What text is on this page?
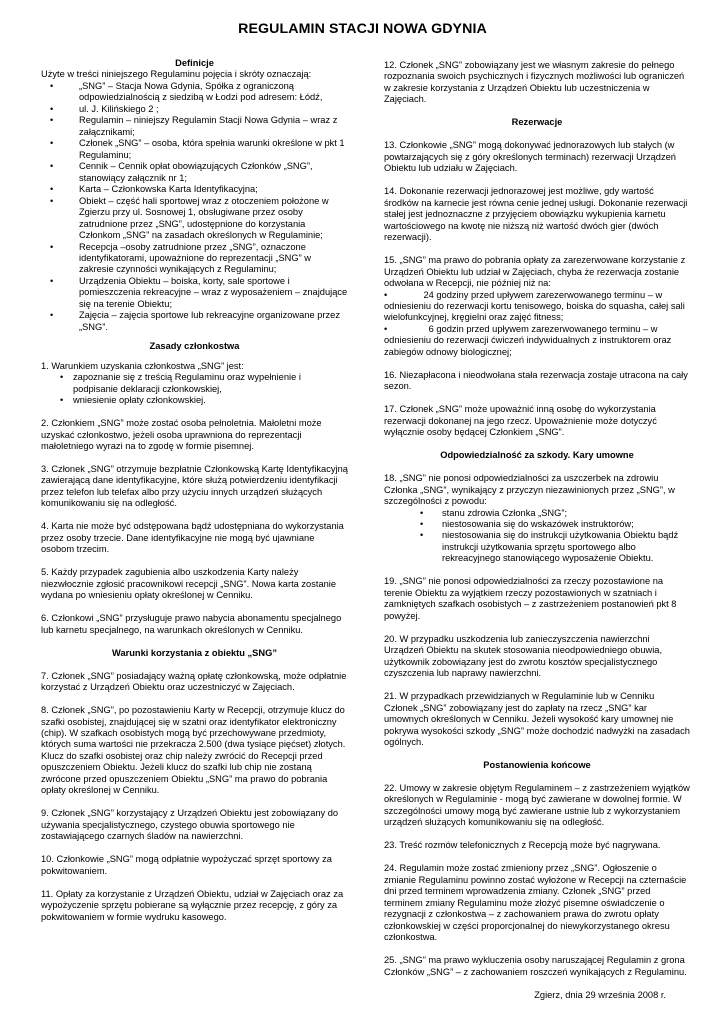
REGULAMIN STACJI NOWA GDYNIA

Definicje

Użyte w treści niniejszego Regulaminu pojęcia i skróty oznaczają:

• „SNG” – Stacja Nowa Gdynia, Spółka z ograniczoną odpowiedzialnością z siedzibą w Łodzi pod adresem: Łódź,
• ul. J. Kilińskiego 2 ;
• Regulamin – niniejszy Regulamin Stacji Nowa Gdynia – wraz z załącznikami;
• Członek „SNG” – osoba, która spełnia warunki określone w pkt 1 Regulaminu;
• Cennik – Cennik opłat obowiązujących Członków „SNG”, stanowiący załącznik nr 1;
• Karta – Członkowska Karta Identyfikacyjna;
• Obiekt – część hali sportowej wraz z otoczeniem położone w Zgierzu przy ul. Sosnowej 1, obsługiwane przez osoby zatrudnione przez „SNG”, udostępnione do korzystania Członkom „SNG” na zasadach określonych w Regulaminie;
• Recepcja –osoby zatrudnione przez „SNG”, oznaczone identyfikatorami, upoważnione do reprezentacji „SNG” w zakresie czynności wynikających z Regulaminu;
• Urządzenia Obiektu – boiska, korty, sale sportowe i pomieszczenia rekreacyjne – wraz z wyposażeniem – znajdujące się na terenie Obiektu;
• Zajęcia – zajęcia sportowe lub rekreacyjne organizowane przez „SNG”.

Zasady członkostwa

1. Warunkiem uzyskania członkostwa „SNG” jest:

• zapoznanie się z treścią Regulaminu oraz wypełnienie i podpisanie deklaracji członkowskiej,
• wniesienie opłaty członkowskiej.

2. Członkiem „SNG” może zostać osoba pełnoletnia. Małoletni może uzyskać członkostwo, jeżeli osoba uprawniona do reprezentacji małoletniego wyrazi na to zgodę w formie pisemnej.

3. Członek „SNG” otrzymuje bezpłatnie Członkowską Kartę Identyfikacyjną zawierającą dane identyfikacyjne, które służą potwierdzeniu identyfikacji przez telefon lub telefax albo przy użyciu innych urządzeń służących komunikowaniu się na odległość.

4. Karta nie może być odstępowana bądź udostępniana do wykorzystania przez osoby trzecie. Dane identyfikacyjne nie mogą być ujawniane osobom trzecim.

5. Każdy przypadek zagubienia albo uszkodzenia Karty należy niezwłocznie zgłosić pracownikowi recepcji „SNG”. Nowa karta zostanie wydana po wniesieniu opłaty określonej w Cenniku.

6. Członkowi „SNG” przysługuje prawo nabycia abonamentu specjalnego lub karnetu specjalnego, na warunkach określonych w Cenniku.

Warunki korzystania z obiektu „SNG”

7. Członek „SNG” posiadający ważną opłatę członkowską, może odpłatnie korzystać z Urządzeń Obiektu oraz uczestniczyć w Zajęciach.

8. Członek „SNG”, po pozostawieniu Karty w Recepcji, otrzymuje klucz do szafki osobistej, znajdującej się w szatni oraz identyfikator elektroniczny (chip). W szafkach osobistych mogą być przechowywane przedmioty, których suma wartości nie przekracza 2.500 (dwa tysiące pięćset) złotych. Klucz do szafki osobistej oraz chip należy zwrócić do Recepcji przed opuszczeniem Obiektu. Jeżeli klucz do szafki lub chip nie zostaną zwrócone przed opuszczeniem Obiektu „SNG” ma prawo do pobrania opłaty określonej w Cenniku.

9. Członek „SNG” korzystający z Urządzeń Obiektu jest zobowiązany do używania specjalistycznego, czystego obuwia sportowego nie zostawiającego czarnych śladów na nawierzchni.

10. Członkowie „SNG” mogą odpłatnie wypożyczać sprzęt sportowy za pokwitowaniem.

11. Opłaty za korzystanie z Urządzeń Obiektu, udział w Zajęciach oraz za wypożyczenie sprzętu pobierane są wyłącznie przez recepcję, z góry za pokwitowaniem w formie wydruku kasowego.

12. Członek „SNG” zobowiązany jest we własnym zakresie do pełnego rozpoznania swoich psychicznych i fizycznych możliwości lub ograniczeń w zakresie korzystania z Urządzeń Obiektu lub uczestniczenia w Zajęciach.

Rezerwacje

13. Członkowie „SNG” mogą dokonywać jednorazowych lub stałych (w powtarzających się z góry określonych terminach) rezerwacji Urządzeń Obiektu lub udziału w Zajęciach.

14. Dokonanie rezerwacji jednorazowej jest możliwe, gdy wartość środków na karnecie jest równa cenie jednej usługi. Dokonanie rezerwacji stałej jest jednoznaczne z przyjęciem obowiązku wykupienia karnetu wartościowego na kwotę nie niższą niż wartość dwóch gier (dwóch rezerwacji).

15. „SNG” ma prawo do pobrania opłaty za zarezerwowane korzystanie z Urządzeń Obiektu lub udział w Zajęciach, chyba że rezerwacja zostanie odwołana w Recepcji, nie później niż na:

•	24 godziny przed upływem zarezerwowanego terminu – w odniesieniu do rezerwacji kortu tenisowego, boiska do squasha, całej sali wielofunkcyjnej, kręgielni oraz zajęć fitness;

•	6 godzin przed upływem zarezerwowanego terminu – w odniesieniu do rezerwacji ćwiczeń indywidualnych z instruktorem oraz zabiegów odnowy biologicznej;

16. Niezapłacona i nieodwołana stała rezerwacja zostaje utracona na cały sezon.

17. Członek „SNG” może upoważnić inną osobę do wykorzystania rezerwacji dokonanej na jego rzecz. Upoważnienie może dotyczyć wyłącznie osoby będącej Członkiem „SNG”.

Odpowiedzialność za szkody. Kary umowne

18. „SNG” nie ponosi odpowiedzialności za uszczerbek na zdrowiu Członka „SNG”, wynikający z przyczyn niezawinionych przez „SNG”, w szczególności z powodu:

• stanu zdrowia Członka „SNG”;
• niestosowania się do wskazówek instruktorów;
• niestosowania się do instrukcji użytkowania Obiektu bądź instrukcji użytkowania sprzętu sportowego albo rekreacyjnego stanowiącego wyposażenie Obiektu.

19. „SNG” nie ponosi odpowiedzialności za rzeczy pozostawione na terenie Obiektu za wyjątkiem rzeczy pozostawionych w szatniach i zamkniętych szafkach osobistych – z zastrzeżeniem postanowień pkt 8 powyżej.

20. W przypadku uszkodzenia lub zanieczyszczenia nawierzchni Urządzeń Obiektu na skutek stosowania nieodpowiedniego obuwia, użytkownik zobowiązany jest do zwrotu kosztów specjalistycznego czyszczenia lub naprawy nawierzchni.

21. W przypadkach przewidzianych w Regulaminie lub w Cenniku Członek „SNG” zobowiązany jest do zapłaty na rzecz „SNG” kar umownych określonych w Cenniku. Jeżeli wysokość kary umownej nie pokrywa wysokości szkody „SNG” może dochodzić nadwyżki na zasadach ogólnych.

Postanowienia końcowe

22. Umowy w zakresie objętym Regulaminem – z zastrzeżeniem wyjątków określonych w Regulaminie - mogą być zawierane w dowolnej formie. W szczególności umowy mogą być zawierane ustnie lub z wykorzystaniem urządzeń służących komunikowaniu się na odległość.

23. Treść rozmów telefonicznych z Recepcją może być nagrywana.

24. Regulamin może zostać zmieniony przez „SNG”. Ogłoszenie o zmianie Regulaminu powinno zostać wyłożone w Recepcji na czternaście dni przed terminem wprowadzenia zmiany. Członek „SNG” przed terminem zmiany Regulaminu może złożyć pisemne oświadczenie o rezygnacji z członkostwa – z zachowaniem prawa do zwrotu opłaty członkowskiej w części proporcjonalnej do niewykorzystanego okresu członkostwa.

25. „SNG” ma prawo wykluczenia osoby naruszającej Regulamin z grona Członków „SNG” – z zachowaniem roszczeń wynikających z Regulaminu.

Zgierz, dnia 29 września 2008 r.
